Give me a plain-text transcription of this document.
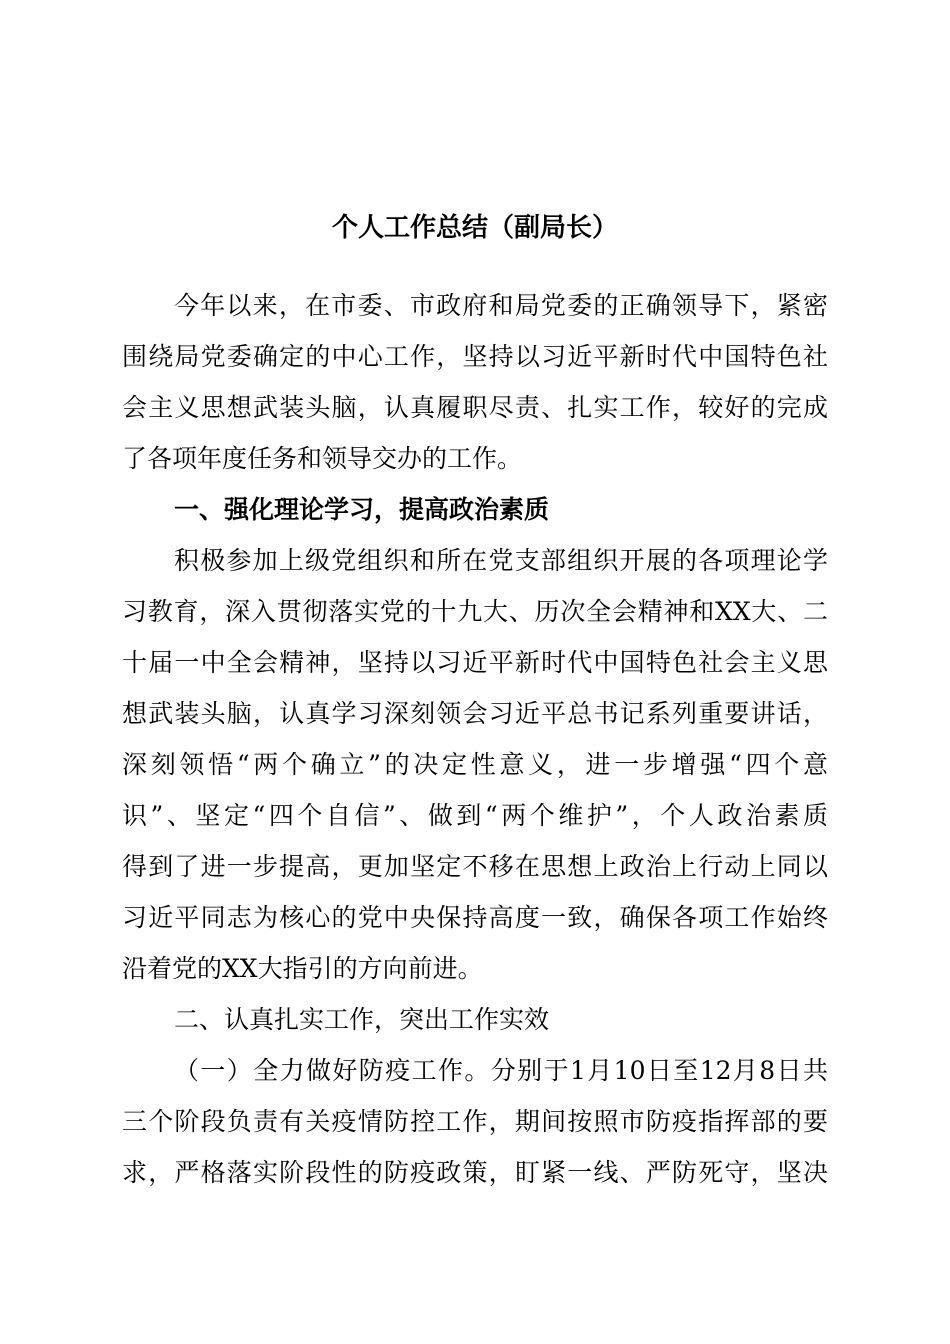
个人工作总结（副局长）
今年以来，在市委、市政府和局党委的正确领导下，紧密
围绕局党委确定的中心工作，坚持以习近平新时代中国特色社
会主义思想武装头脑，认真履职尽责、扎实工作，较好的完成
了各项年度任务和领导交办的工作。
一、强化理论学习，提高政治素质
积极参加上级党组织和所在党支部组织开展的各项理论学
习教育，深入贯彻落实党的十九大、历次全会精神和XX大、二
十届一中全会精神，坚持以习近平新时代中国特色社会主义思
想武装头脑，认真学习深刻领会习近平总书记系列重要讲话，
深刻领悟“两个确立”的决定性意义，进一步增强“四个意
识”、坚定“四个自信”、做到“两个维护”，个人政治素质
得到了进一步提高，更加坚定不移在思想上政治上行动上同以
习近平同志为核心的党中央保持高度一致，确保各项工作始终
沿着党的XX大指引的方向前进。
二、认真扎实工作，突出工作实效
（一）全力做好防疫工作。分别于1月10日至12月8日共
三个阶段负责有关疫情防控工作，期间按照市防疫指挥部的要
求，严格落实阶段性的防疫政策，盯紧一线、严防死守，坚决
